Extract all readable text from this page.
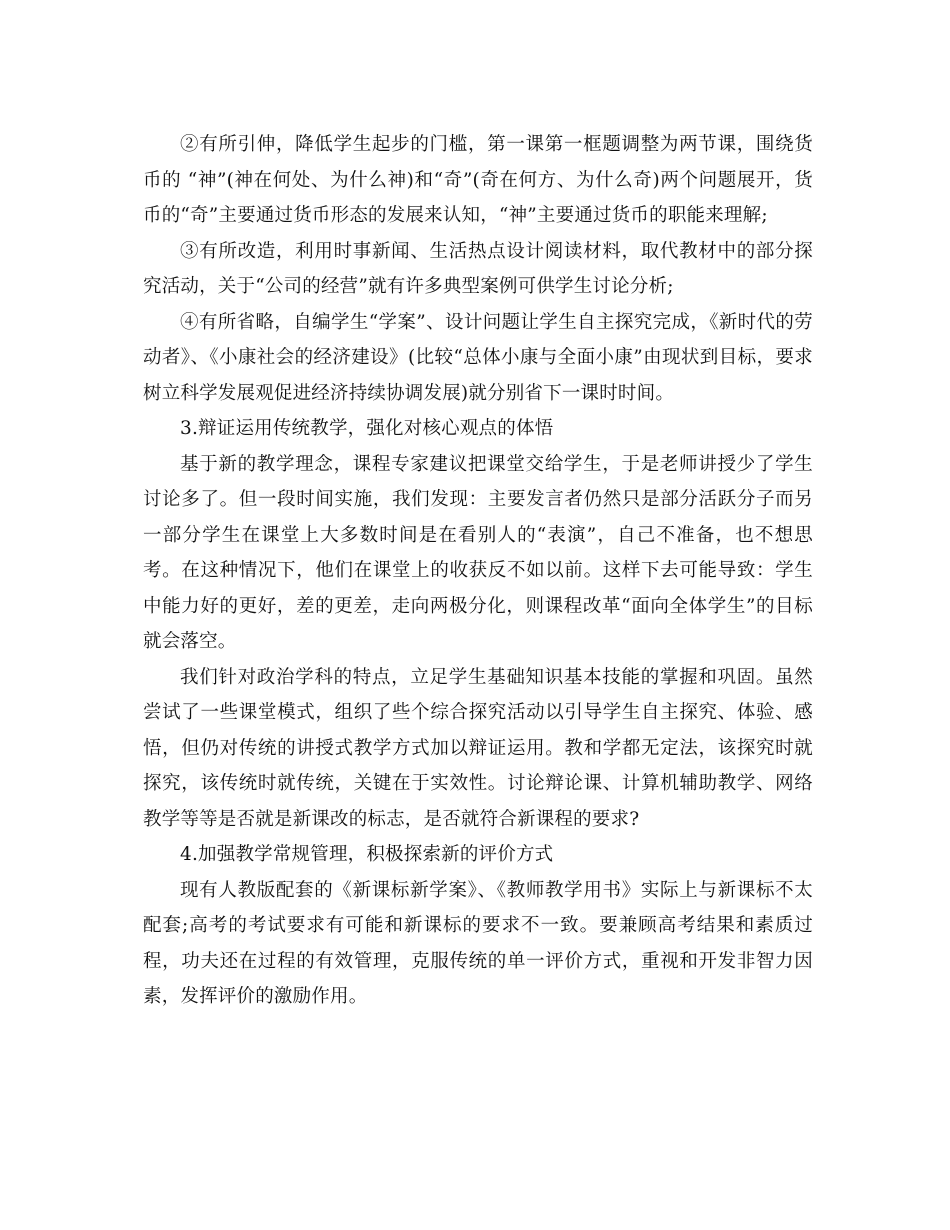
②有所引伸，降低学生起步的门槛，第一课第一框题调整为两节课，围绕货币的 “神”(神在何处、为什么神)和“奇”(奇在何方、为什么奇)两个问题展开，货币的“奇”主要通过货币形态的发展来认知，“神”主要通过货币的职能来理解;

③有所改造，利用时事新闻、生活热点设计阅读材料，取代教材中的部分探究活动，关于“公司的经营”就有许多典型案例可供学生讨论分析;

④有所省略，自编学生“学案”、设计问题让学生自主探究完成，《新时代的劳动者》、《小康社会的经济建设》(比较“总体小康与全面小康”由现状到目标，要求树立科学发展观促进经济持续协调发展)就分别省下一课时时间。

3.辩证运用传统教学，强化对核心观点的体悟

基于新的教学理念，课程专家建议把课堂交给学生，于是老师讲授少了学生讨论多了。但一段时间实施，我们发现：主要发言者仍然只是部分活跃分子而另一部分学生在课堂上大多数时间是在看别人的“表演”，自己不准备，也不想思考。在这种情况下，他们在课堂上的收获反不如以前。这样下去可能导致：学生中能力好的更好，差的更差，走向两极分化，则课程改革“面向全体学生”的目标就会落空。

我们针对政治学科的特点，立足学生基础知识基本技能的掌握和巩固。虽然尝试了一些课堂模式，组织了些个综合探究活动以引导学生自主探究、体验、感悟，但仍对传统的讲授式教学方式加以辩证运用。教和学都无定法，该探究时就探究，该传统时就传统，关键在于实效性。讨论辩论课、计算机辅助教学、网络教学等等是否就是新课改的标志，是否就符合新课程的要求?

4.加强教学常规管理，积极探索新的评价方式

现有人教版配套的《新课标新学案》、《教师教学用书》实际上与新课标不太配套;高考的考试要求有可能和新课标的要求不一致。要兼顾高考结果和素质过程，功夫还在过程的有效管理，克服传统的单一评价方式，重视和开发非智力因素，发挥评价的激励作用。
